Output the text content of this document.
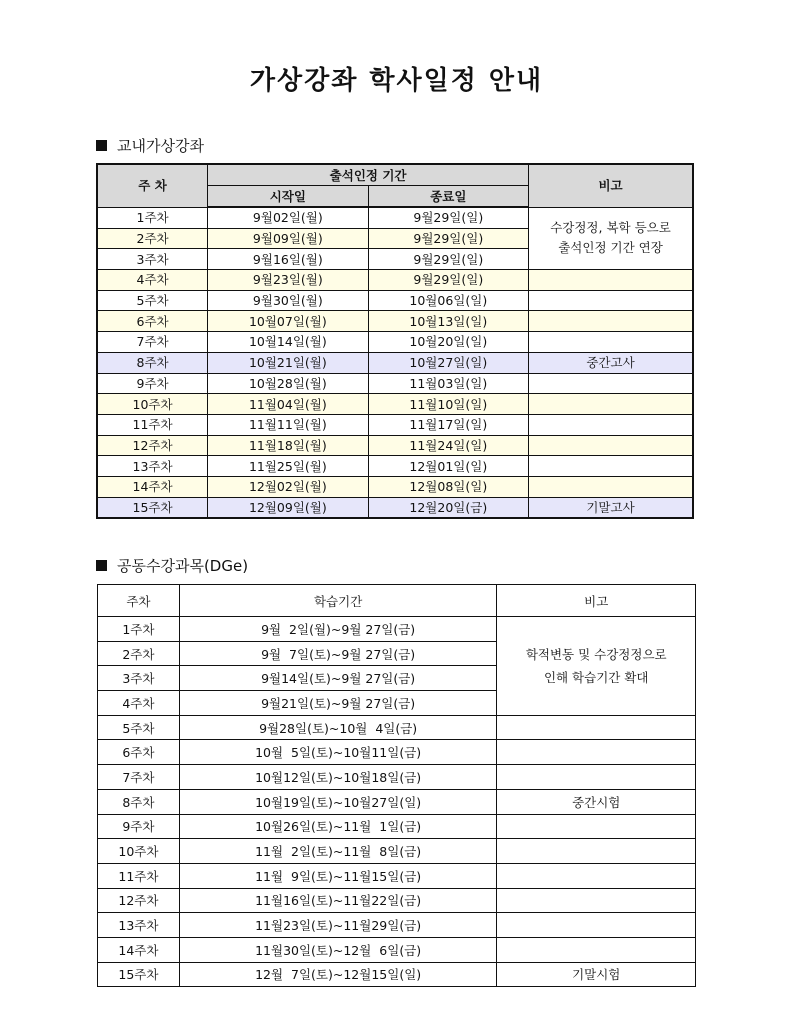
가상강좌 학사일정 안내
교내가상강좌
주 차	출석인정 기간		비고
	시작일	종료일	
1주차	9월02일(월)	9월29일(일)	수강정정, 복학 등으로
출석인정 기간 연장

2주차	9월09일(월)	9월29일(일)	
3주차	9월16일(월)	9월29일(일)	
4주차	9월23일(월)	9월29일(일)	
5주차	9월30일(월)	10월06일(일)	
6주차	10월07일(월)	10월13일(일)	
7주차	10월14일(월)	10월20일(일)	
8주차	10월21일(월)	10월27일(일)	중간고사
9주차	10월28일(월)	11월03일(일)	
10주차	11월04일(월)	11월10일(일)	
11주차	11월11일(월)	11월17일(일)	
12주차	11월18일(월)	11월24일(일)	
13주차	11월25일(월)	12월01일(일)	
14주차	12월02일(월)	12월08일(일)	
15주차	12월09일(월)	12월20일(금)	기말고사
공동수강과목(DGe)
주차	학습기간	비고
1주차	9월  2일(월)~9월 27일(금)	학적변동 및 수강정정으로
인해 학습기간 확대

2주차	9월  7일(토)~9월 27일(금)	
3주차	9월14일(토)~9월 27일(금)	
4주차	9월21일(토)~9월 27일(금)	
5주차	9월28일(토)~10월  4일(금)	
6주차	10월  5일(토)~10월11일(금)	
7주차	10월12일(토)~10월18일(금)	
8주차	10월19일(토)~10월27일(일)	중간시험
9주차	10월26일(토)~11월  1일(금)	
10주차	11월  2일(토)~11월  8일(금)	
11주차	11월  9일(토)~11월15일(금)	
12주차	11월16일(토)~11월22일(금)	
13주차	11월23일(토)~11월29일(금)	
14주차	11월30일(토)~12월  6일(금)	
15주차	12월  7일(토)~12월15일(일)	기말시험
